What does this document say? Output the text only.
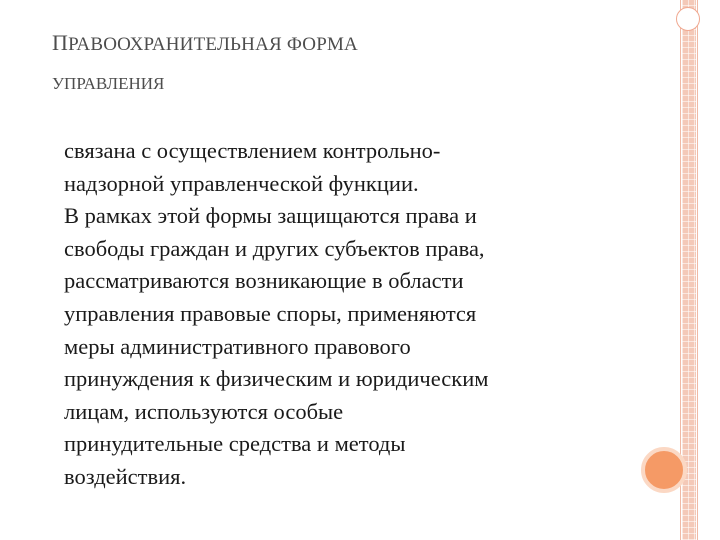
ПРАВООХРАНИТЕЛЬНАЯ ФОРМА
УПРАВЛЕНИЯ
связана с осуществлением контрольно-
надзорной управленческой функции.
В рамках этой формы защищаются права и
свободы граждан и других субъектов права,
рассматриваются возникающие в области
управления правовые споры, применяются
меры административного правового
принуждения к физическим и юридическим
лицам, используются особые
принудительные средства и методы
воздействия.
